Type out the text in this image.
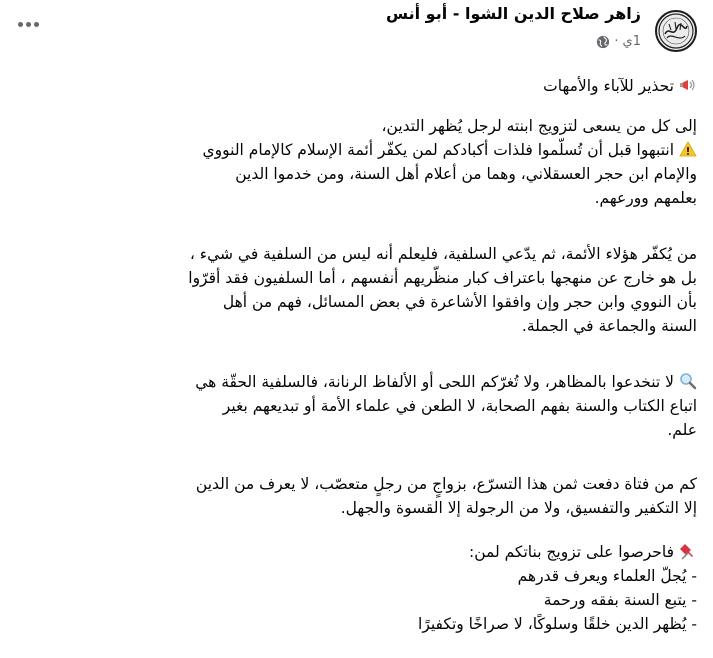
زاهر صلاح الدين الشوا - أبو أنس
1ي
·

تحذير للآباء والأمهات

إلى كل من يسعى لتزويج ابنته لرجل يُظهر التدين،
انتبهوا قبل أن تُسلّموا فلذات أكبادكم لمن يكفّر أئمة الإسلام كالإمام النووي
والإمام ابن حجر العسقلاني، وهما من أعلام أهل السنة، ومن خدموا الدين
بعلمهم وورعهم.

من يُكفّر هؤلاء الأئمة، ثم يدّعي السلفية، فليعلم أنه ليس من السلفية في شيء ،
بل هو خارج عن منهجها باعتراف كبار منظّريهم أنفسهم ، أما السلفيون فقد أقرّوا
بأن النووي وابن حجر وإن وافقوا الأشاعرة في بعض المسائل، فهم من أهل
السنة والجماعة في الجملة.

لا تنخدعوا بالمظاهر، ولا تُغرّكم اللحى أو الألفاظ الرنانة، فالسلفية الحقّة هي
اتباع الكتاب والسنة بفهم الصحابة، لا الطعن في علماء الأمة أو تبديعهم بغير
علم.

كم من فتاة دفعت ثمن هذا التسرّع، بزواجٍ من رجلٍ متعصّب، لا يعرف من الدين
إلا التكفير والتفسيق، ولا من الرجولة إلا القسوة والجهل.

فاحرصوا على تزويج بناتكم لمن:
- يُجلّ العلماء ويعرف قدرهم
- يتبع السنة بفقه ورحمة
- يُظهر الدين خلقًا وسلوكًا، لا صراخًا وتكفيرًا
